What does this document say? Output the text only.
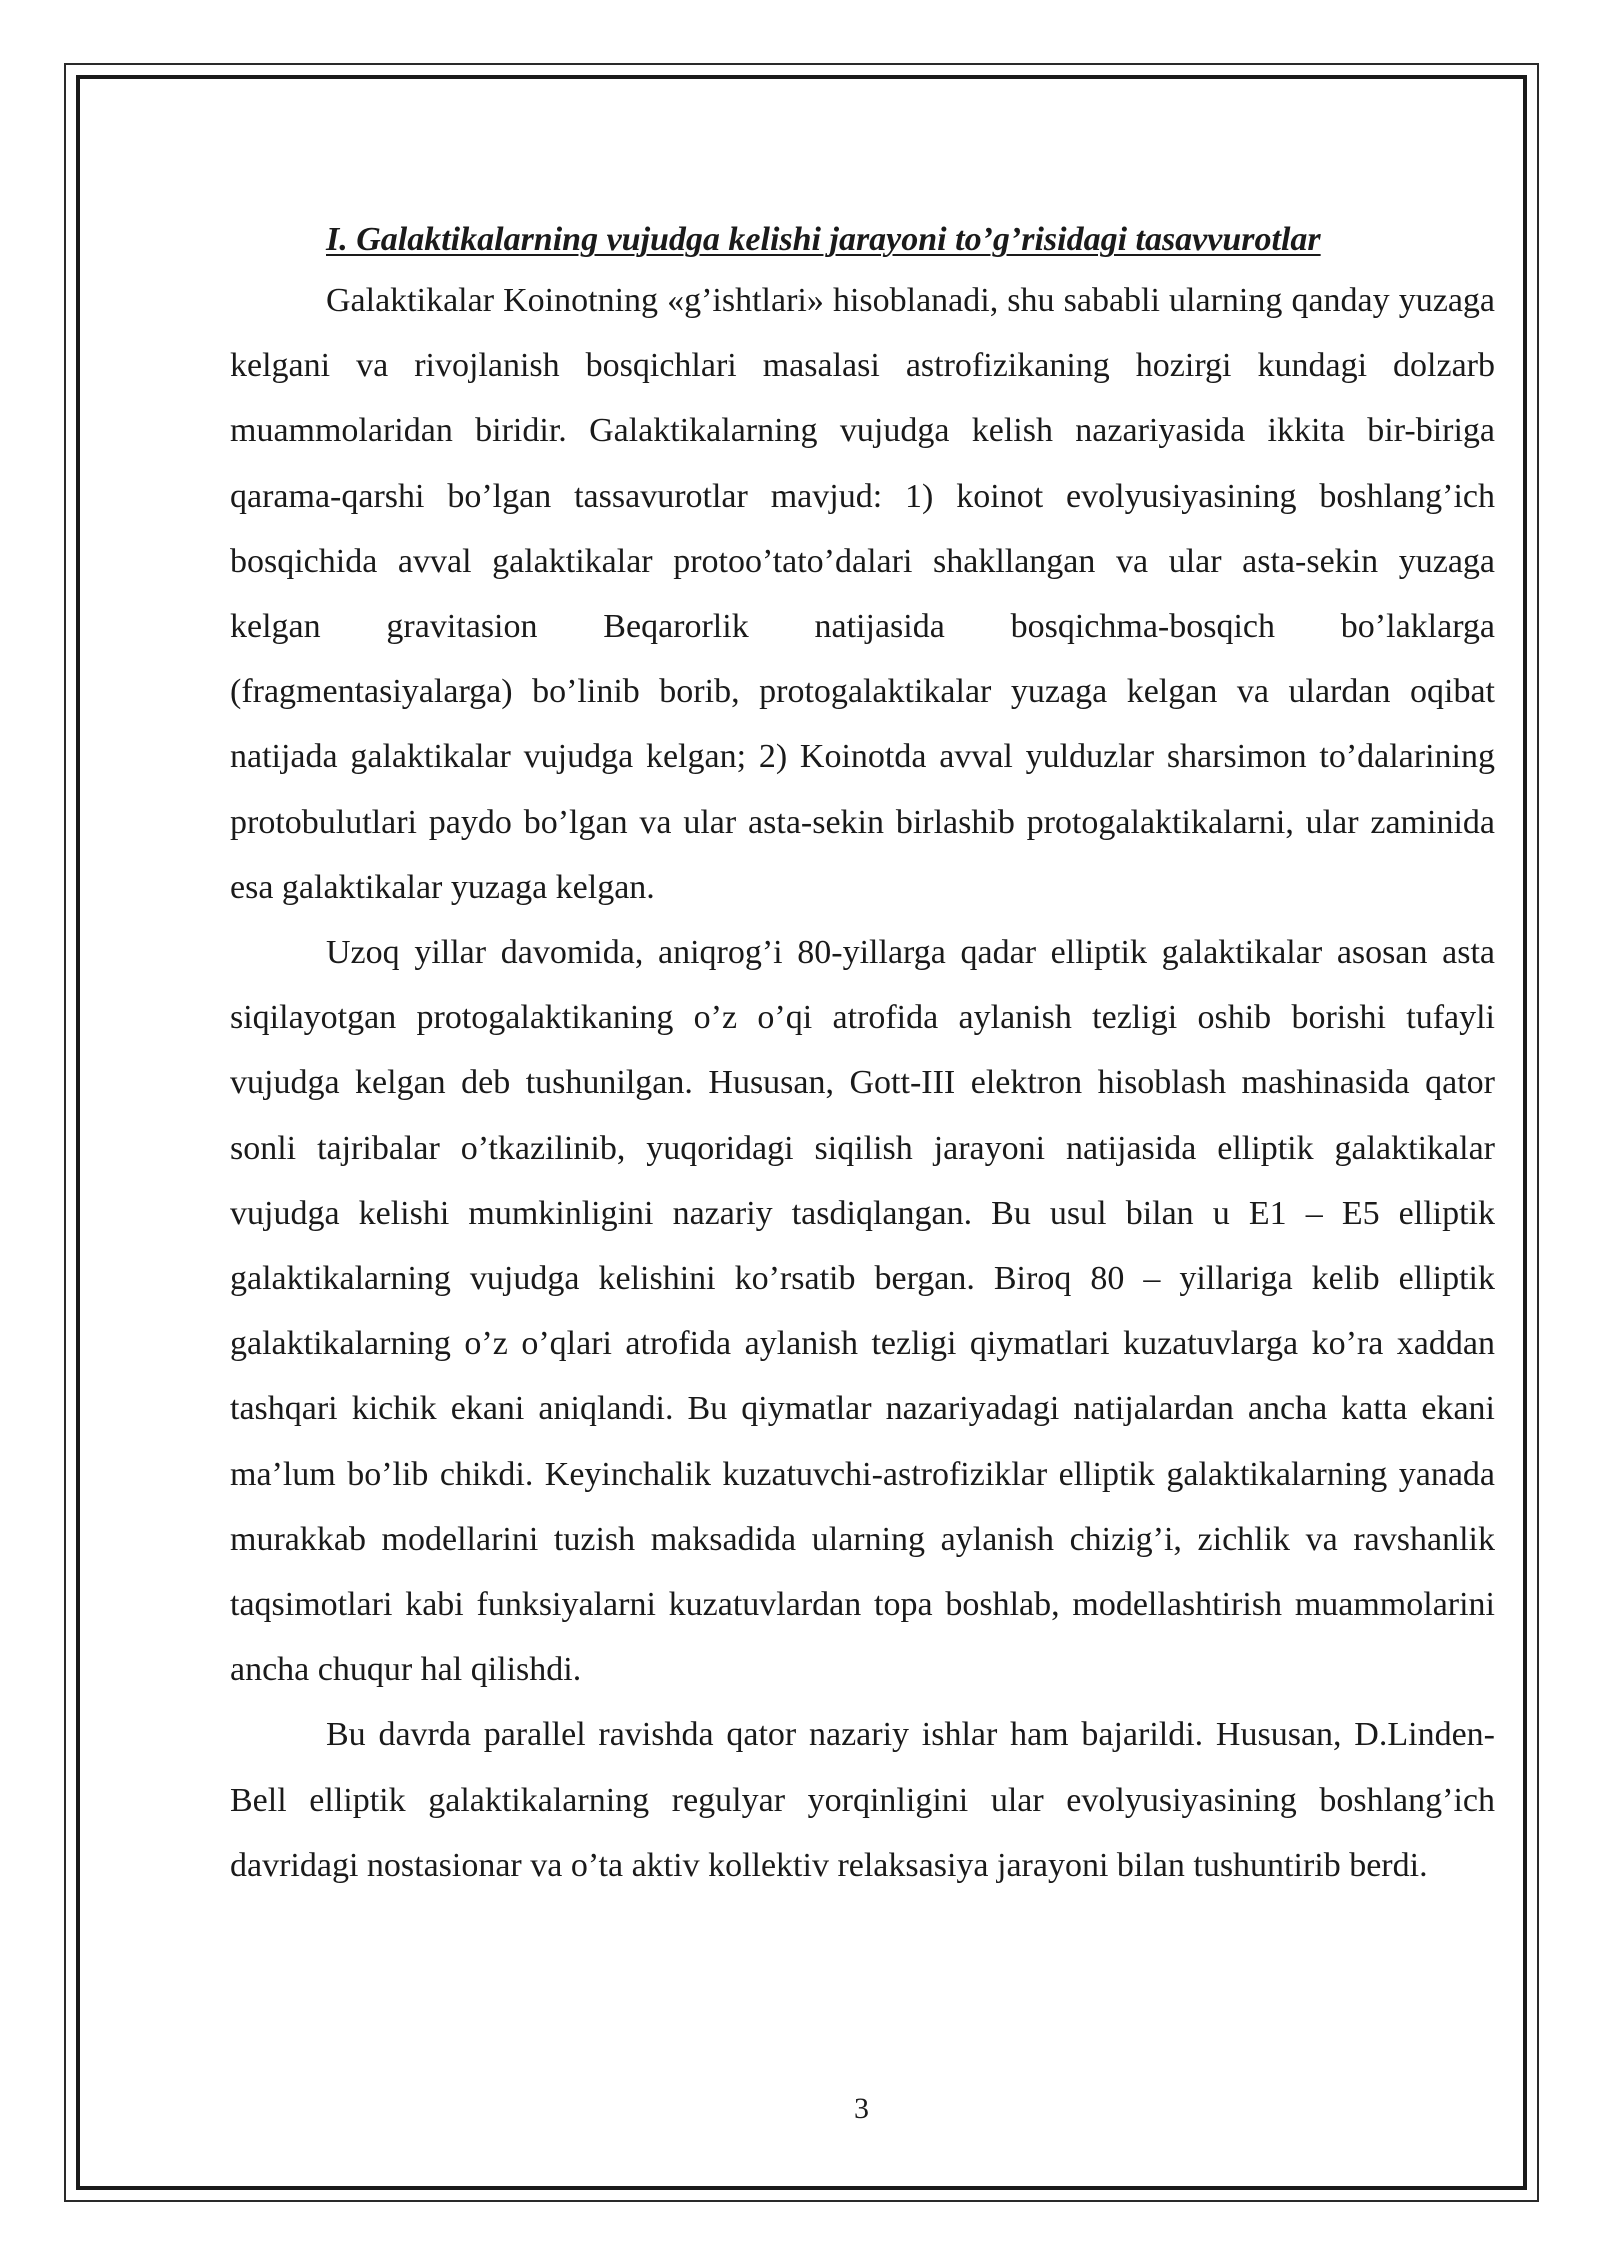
I. Galaktikalarning vujudga kelishi jarayoni to’g’risidagi tasavvurotlar

Galaktikalar Koinotning «g’ishtlari» hisoblanadi, shu sababli ularning qanday yuzaga kelgani va rivojlanish bosqichlari masalasi astrofizikaning hozirgi kundagi dolzarb muammolaridan biridir. Galaktikalarning vujudga kelish nazariyasida ikkita bir-biriga qarama-qarshi bo’lgan tassavurotlar mavjud: 1) koinot evolyusiyasining boshlang’ich bosqichida avval galaktikalar protoo’tato’dalari shakllangan va ular asta-sekin yuzaga kelgan gravitasion Beqarorlik natijasida bosqichma-bosqich bo’laklarga (fragmentasiyalarga) bo’linib borib, protogalaktikalar yuzaga kelgan va ulardan oqibat natijada galaktikalar vujudga kelgan; 2) Koinotda avval yulduzlar sharsimon to’dalarining protobulutlari paydo bo’lgan va ular asta-sekin birlashib protogalaktikalarni, ular zaminida esa galaktikalar yuzaga kelgan.

Uzoq yillar davomida, aniqrog’i 80-yillarga qadar elliptik galaktikalar asosan asta siqilayotgan protogalaktikaning o’z o’qi atrofida aylanish tezligi oshib borishi tufayli vujudga kelgan deb tushunilgan. Hususan, Gott-III elektron hisoblash mashinasida qator sonli tajribalar o’tkazilinib, yuqoridagi siqilish jarayoni natijasida elliptik galaktikalar vujudga kelishi mumkinligini nazariy tasdiqlangan. Bu usul bilan u E1 – E5 elliptik galaktikalarning vujudga kelishini ko’rsatib bergan. Biroq 80 – yillariga kelib elliptik galaktikalarning o’z o’qlari atrofida aylanish tezligi qiymatlari kuzatuvlarga ko’ra xaddan tashqari kichik ekani aniqlandi. Bu qiymatlar nazariyadagi natijalardan ancha katta ekani ma’lum bo’lib chikdi. Keyinchalik kuzatuvchi-astrofiziklar elliptik galaktikalarning yanada murakkab modellarini tuzish maksadida ularning aylanish chizig’i, zichlik va ravshanlik taqsimotlari kabi funksiyalarni kuzatuvlardan topa boshlab, modellashtirish muammolarini ancha chuqur hal qilishdi.

Bu davrda parallel ravishda qator nazariy ishlar ham bajarildi. Hususan, D.Linden-Bell elliptik galaktikalarning regulyar yorqinligini ular evolyusiyasining boshlang’ich davridagi nostasionar va o’ta aktiv kollektiv relaksasiya jarayoni bilan tushuntirib berdi.

3
